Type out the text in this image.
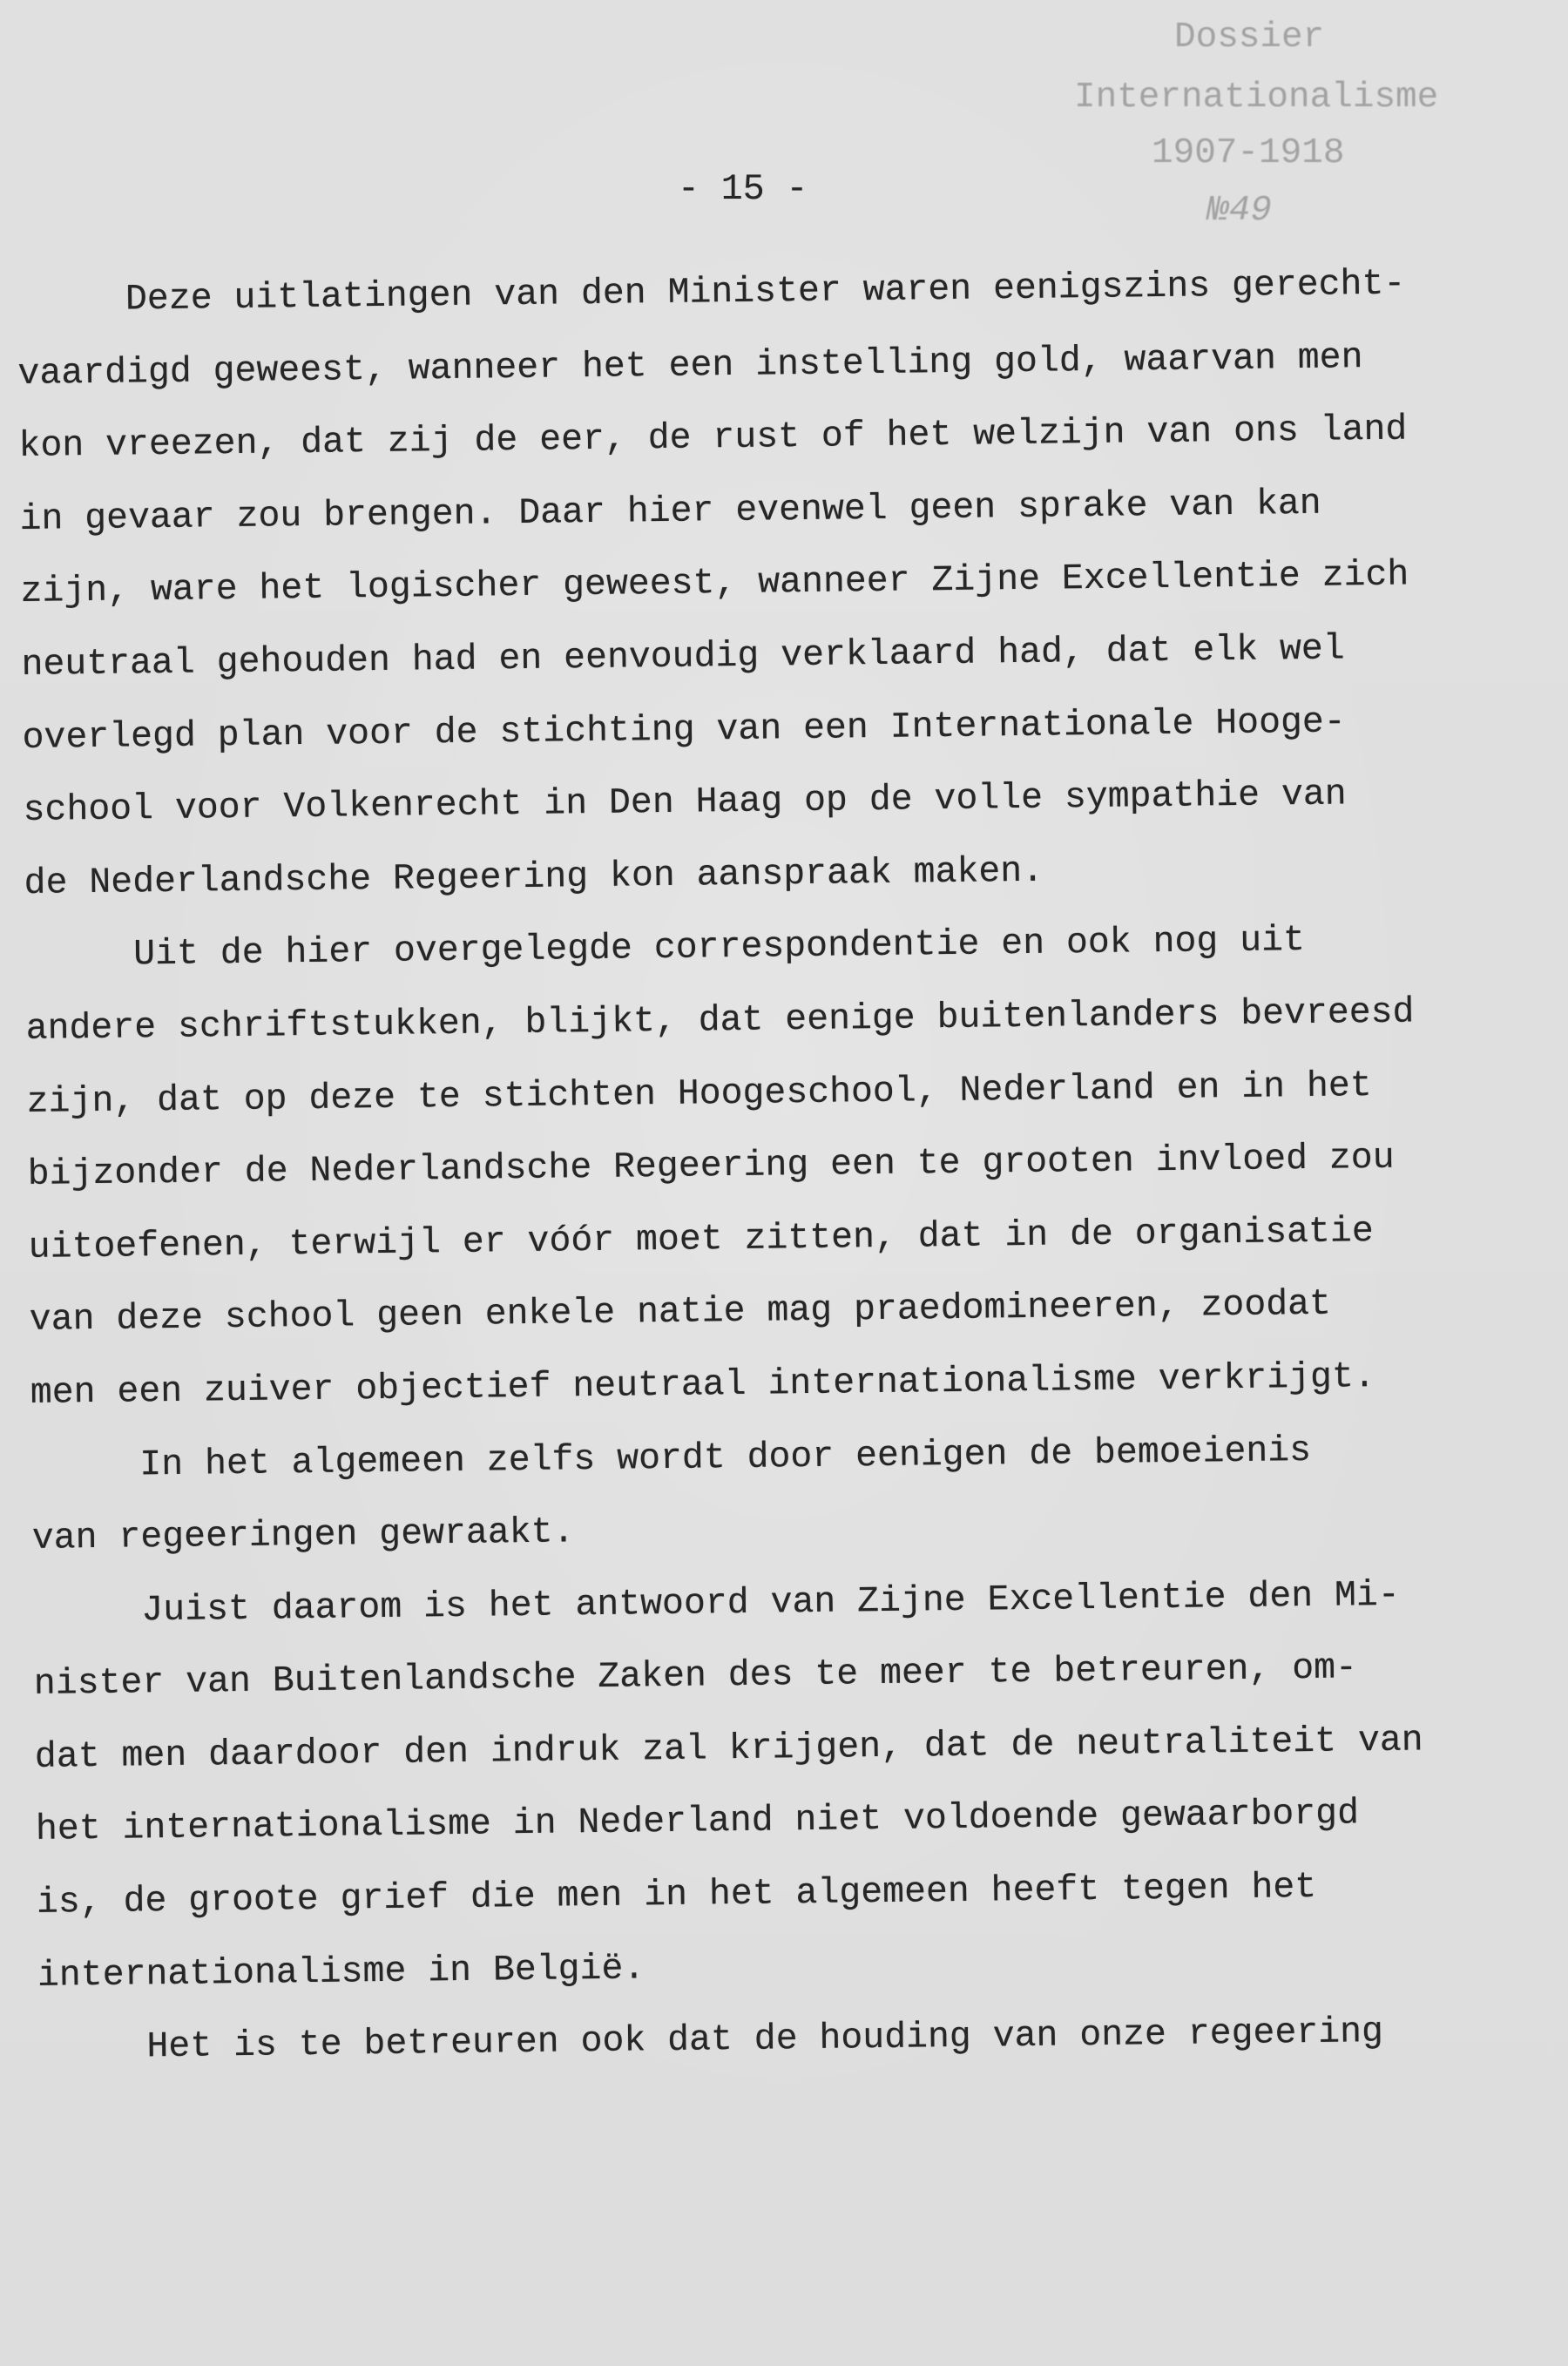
Dossier
Internationalisme
1907-1918
№49
- 15 -
Deze uitlatingen van den Minister waren eenigszins gerecht-
vaardigd geweest, wanneer het een instelling gold, waarvan men
kon vreezen, dat zij de eer, de rust of het welzijn van ons land
in gevaar zou brengen. Daar hier evenwel geen sprake van kan
zijn, ware het logischer geweest, wanneer Zijne Excellentie zich
neutraal gehouden had en eenvoudig verklaard had, dat elk wel
overlegd plan voor de stichting van een Internationale Hooge-
school voor Volkenrecht in Den Haag op de volle sympathie van
de Nederlandsche Regeering kon aanspraak maken.
Uit de hier overgelegde correspondentie en ook nog uit
andere schriftstukken, blijkt, dat eenige buitenlanders bevreesd
zijn, dat op deze te stichten Hoogeschool, Nederland en in het
bijzonder de Nederlandsche Regeering een te grooten invloed zou
uitoefenen, terwijl er vóór moet zitten, dat in de organisatie
van deze school geen enkele natie mag praedomineeren, zoodat
men een zuiver objectief neutraal internationalisme verkrijgt.
In het algemeen zelfs wordt door eenigen de bemoeienis
van regeeringen gewraakt.
Juist daarom is het antwoord van Zijne Excellentie den Mi-
nister van Buitenlandsche Zaken des te meer te betreuren, om-
dat men daardoor den indruk zal krijgen, dat de neutraliteit van
het internationalisme in Nederland niet voldoende gewaarborgd
is, de groote grief die men in het algemeen heeft tegen het
internationalisme in België.
Het is te betreuren ook dat de houding van onze regeering
